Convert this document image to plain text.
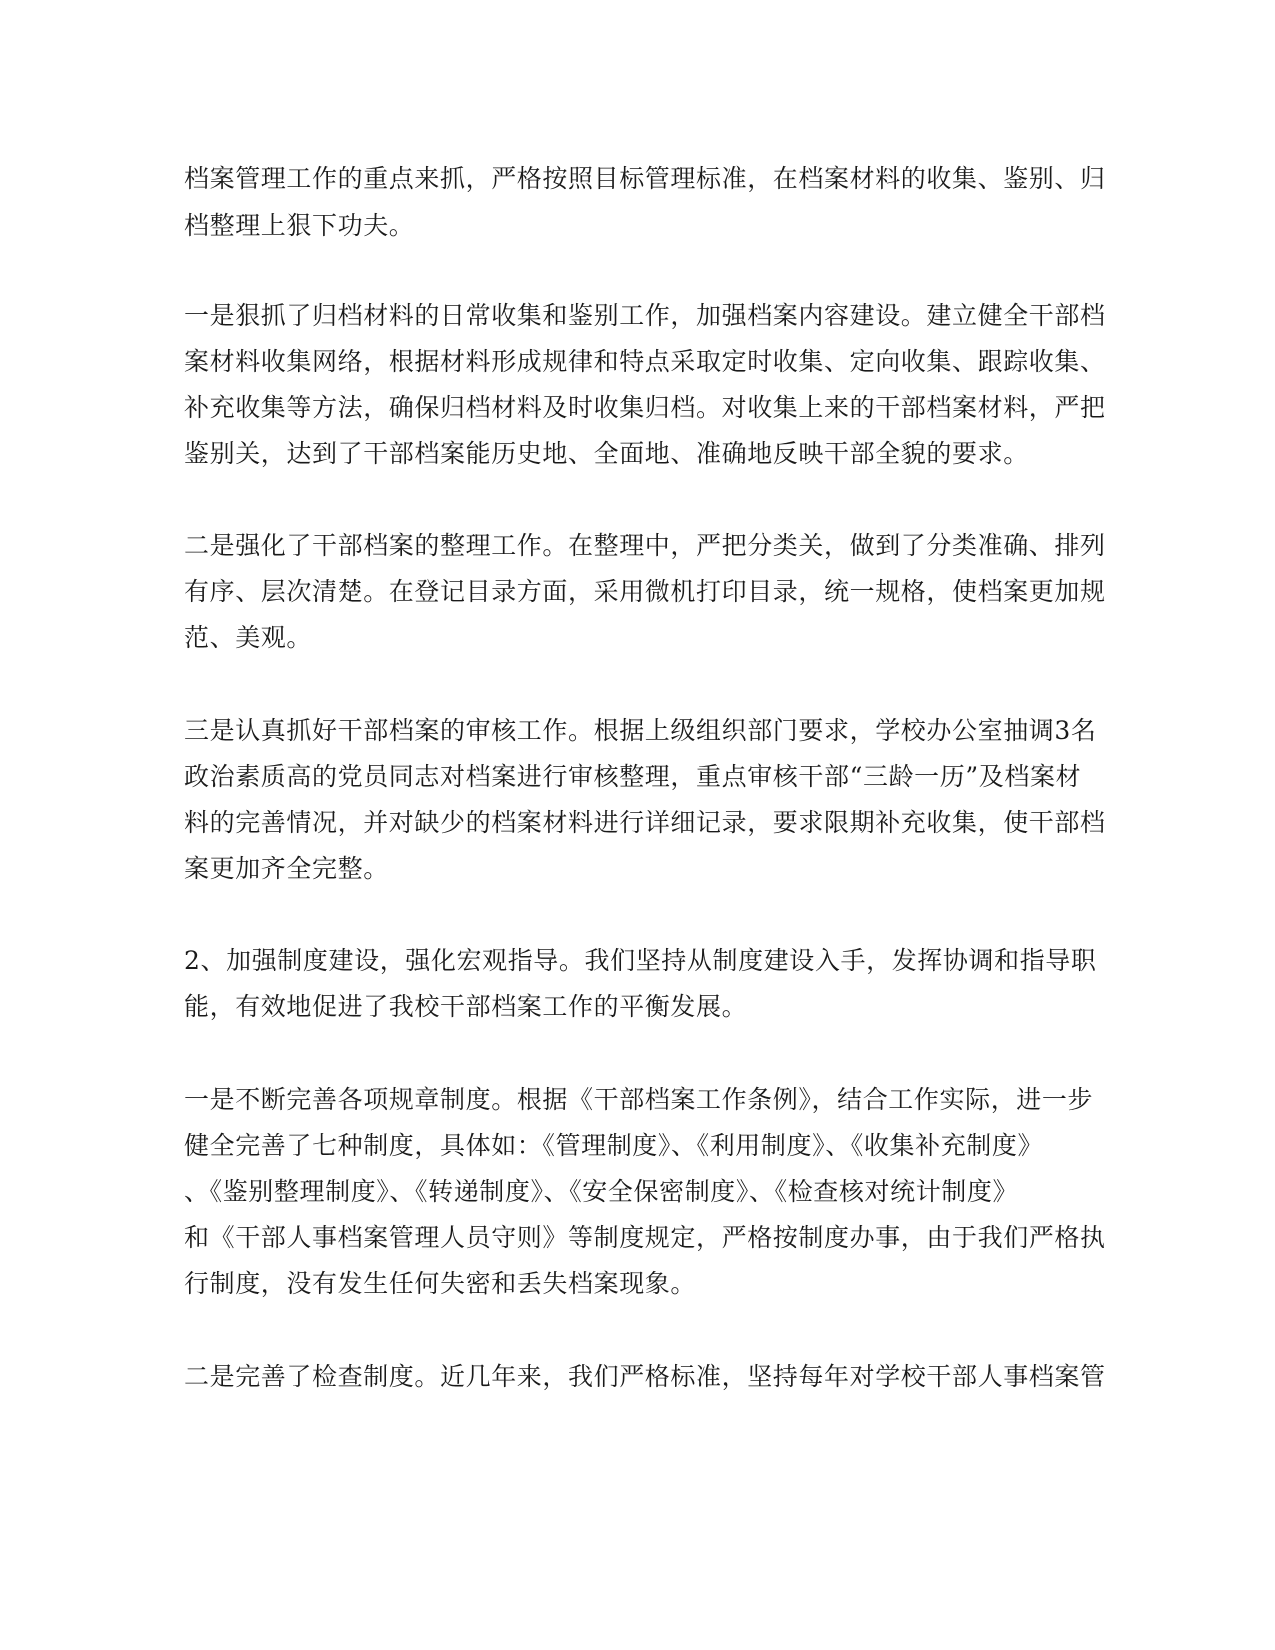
档案管理工作的重点来抓，严格按照目标管理标准，在档案材料的收集、鉴别、归
档整理上狠下功夫。
一是狠抓了归档材料的日常收集和鉴别工作，加强档案内容建设。建立健全干部档
案材料收集网络，根据材料形成规律和特点采取定时收集、定向收集、跟踪收集、
补充收集等方法，确保归档材料及时收集归档。对收集上来的干部档案材料，严把
鉴别关，达到了干部档案能历史地、全面地、准确地反映干部全貌的要求。
二是强化了干部档案的整理工作。在整理中，严把分类关，做到了分类准确、排列
有序、层次清楚。在登记目录方面，采用微机打印目录，统一规格，使档案更加规
范、美观。
三是认真抓好干部档案的审核工作。根据上级组织部门要求，学校办公室抽调3名
政治素质高的党员同志对档案进行审核整理，重点审核干部“三龄一历”及档案材
料的完善情况，并对缺少的档案材料进行详细记录，要求限期补充收集，使干部档
案更加齐全完整。
2、加强制度建设，强化宏观指导。我们坚持从制度建设入手，发挥协调和指导职
能，有效地促进了我校干部档案工作的平衡发展。
一是不断完善各项规章制度。根据《干部档案工作条例》，结合工作实际，进一步
健全完善了七种制度，具体如：《管理制度》、《利用制度》、《收集补充制度》
、《鉴别整理制度》、《转递制度》、《安全保密制度》、《检查核对统计制度》
和《干部人事档案管理人员守则》等制度规定，严格按制度办事，由于我们严格执
行制度，没有发生任何失密和丢失档案现象。
二是完善了检查制度。近几年来，我们严格标准，坚持每年对学校干部人事档案管
